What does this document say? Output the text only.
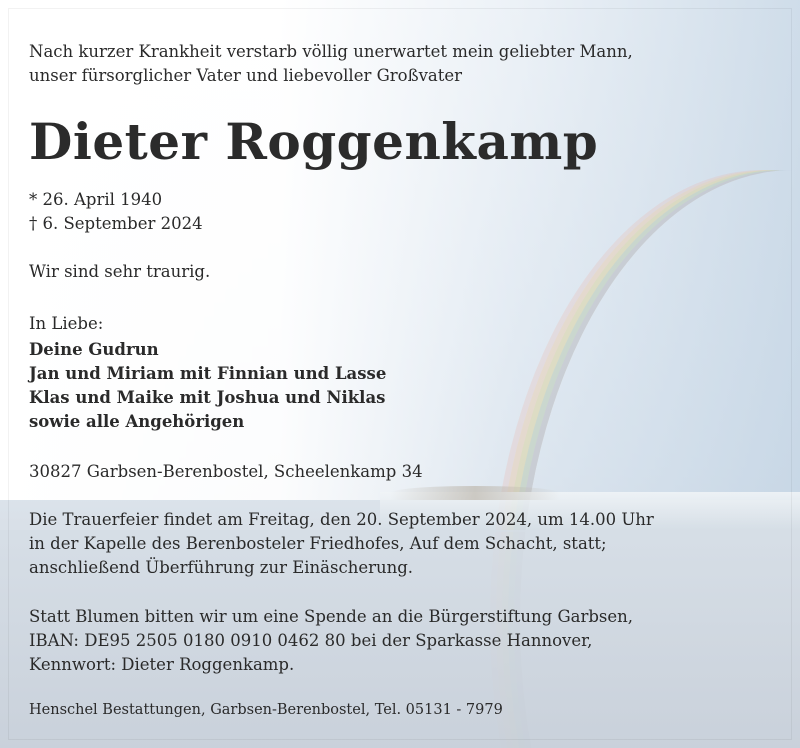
Nach kurzer Krankheit verstarb völlig unerwartet mein geliebter Mann,

unser fürsorglicher Vater und liebevoller Großvater

Dieter Roggenkamp

* 26. April 1940

† 6. September 2024

Wir sind sehr traurig.

In Liebe:

Deine Gudrun

Jan und Miriam mit Finnian und Lasse

Klas und Maike mit Joshua und Niklas

sowie alle Angehörigen

30827 Garbsen-Berenbostel, Scheelenkamp 34

Die Trauerfeier findet am Freitag, den 20. September 2024, um 14.00 Uhr

in der Kapelle des Berenbosteler Friedhofes, Auf dem Schacht, statt;

anschließend Überführung zur Einäscherung.

Statt Blumen bitten wir um eine Spende an die Bürgerstiftung Garbsen,

IBAN: DE95 2505 0180 0910 0462 80 bei der Sparkasse Hannover,

Kennwort: Dieter Roggenkamp.

Henschel Bestattungen, Garbsen-Berenbostel, Tel. 05131 - 7979
